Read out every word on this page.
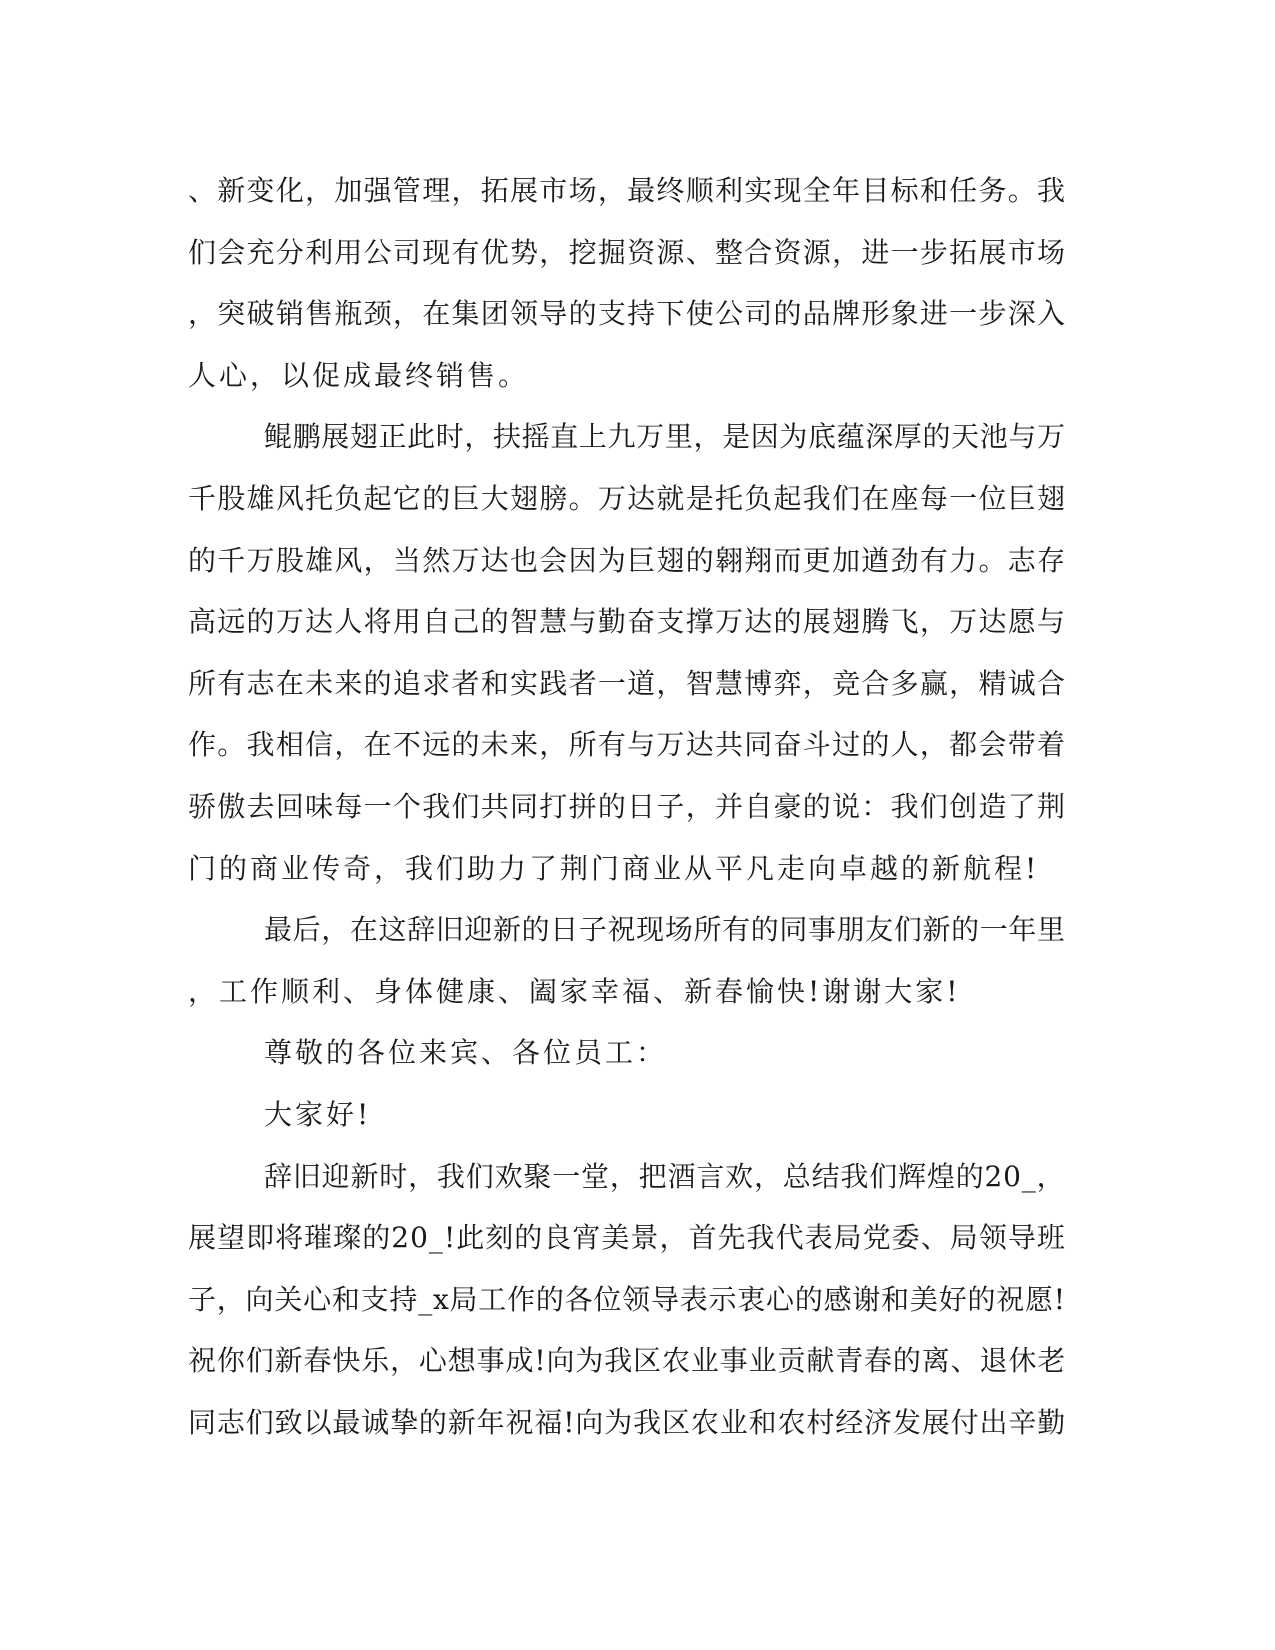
、新变化，加强管理，拓展市场，最终顺利实现全年目标和任务。我
们会充分利用公司现有优势，挖掘资源、整合资源，进一步拓展市场
，突破销售瓶颈，在集团领导的支持下使公司的品牌形象进一步深入
人心，以促成最终销售。
鲲鹏展翅正此时，扶摇直上九万里，是因为底蕴深厚的天池与万
千股雄风托负起它的巨大翅膀。万达就是托负起我们在座每一位巨翅
的千万股雄风，当然万达也会因为巨翅的翱翔而更加遒劲有力。志存
高远的万达人将用自己的智慧与勤奋支撑万达的展翅腾飞，万达愿与
所有志在未来的追求者和实践者一道，智慧博弈，竞合多赢，精诚合
作。我相信，在不远的未来，所有与万达共同奋斗过的人，都会带着
骄傲去回味每一个我们共同打拼的日子，并自豪的说：我们创造了荆
门的商业传奇，我们助力了荆门商业从平凡走向卓越的新航程!
最后，在这辞旧迎新的日子祝现场所有的同事朋友们新的一年里
，工作顺利、身体健康、阖家幸福、新春愉快!谢谢大家!
尊敬的各位来宾、各位员工：
大家好!
辞旧迎新时，我们欢聚一堂，把酒言欢，总结我们辉煌的20_，
展望即将璀璨的20_!此刻的良宵美景，首先我代表局党委、局领导班
子，向关心和支持_x局工作的各位领导表示衷心的感谢和美好的祝愿!
祝你们新春快乐，心想事成!向为我区农业事业贡献青春的离、退休老
同志们致以最诚挚的新年祝福!向为我区农业和农村经济发展付出辛勤
